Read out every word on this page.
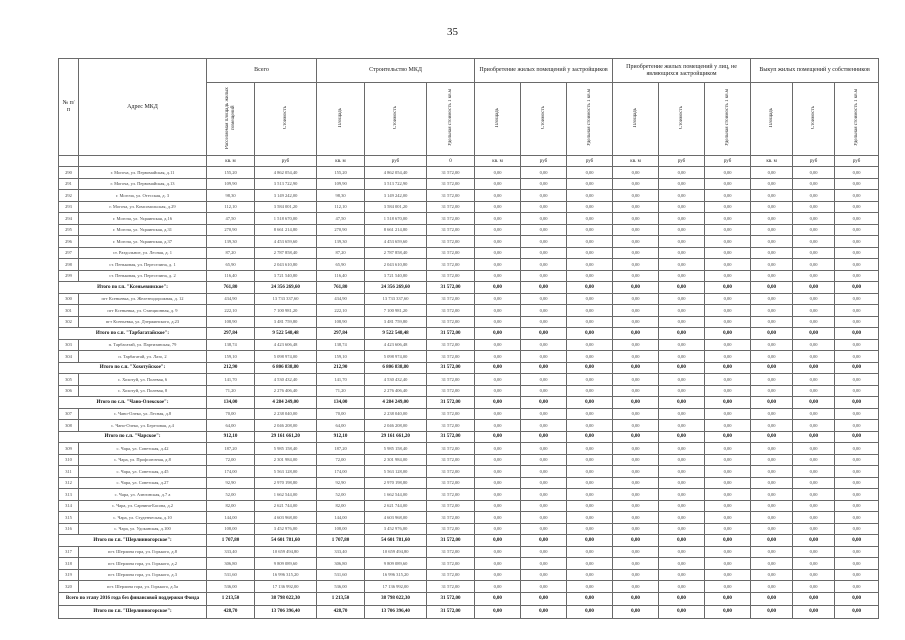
35
№ п/п	Адрес МКД	Всего		Строительство МКД			Приобретение жилых помещений у застройщиков			Приобретение жилых помещений у лиц, не являющихся застройщиком			Выкуп жилых помещений у собственников		
		Расселяемая площадь жилых помещений	Стоимость	Площадь	Стоимость	Удельная стоимость 1 кв.м	Площадь	Стоимость	Удельная стоимость 1 кв.м	Площадь	Стоимость	Удельная стоимость 1 кв.м	Площадь	Стоимость	Удельная стоимость 1 кв.м
		кв. м	руб	кв. м	руб	0	кв. м	руб	руб	кв. м	руб	руб	кв. м	руб	руб
290	г. Могоча, ул. Первомайская, д.11	155,20	4 862 054,40	155,20	4 862 054,40	31 572,00	0,00	0,00	0,00	0,00	0,00	0,00	0,00	0,00	0,00
291	г. Могоча, ул. Первомайская, д.13	109,90	3 513 722,90	109,90	3 513 722,90	31 572,00	0,00	0,00	0,00	0,00	0,00	0,00	0,00	0,00	0,00
292	г. Могоча, ул. Отесская, д. 3	98,30	3 149 242,00	98,30	3 149 242,00	31 572,00	0,00	0,00	0,00	0,00	0,00	0,00	0,00	0,00	0,00
293	г. Могоча, ул. Комсомольская, д.29	112,10	3 584 001,20	112,10	3 584 001,20	31 572,00	0,00	0,00	0,00	0,00	0,00	0,00	0,00	0,00	0,00
294	г. Могоча, ул. Украинская, д.16	47,50	1 518 670,00	47,50	1 518 670,00	31 572,00	0,00	0,00	0,00	0,00	0,00	0,00	0,00	0,00	0,00
295	г. Могоча, ул. Украинская, д.31	270,90	8 661 214,80	270,90	8 661 214,80	31 572,00	0,00	0,00	0,00	0,00	0,00	0,00	0,00	0,00	0,00
296	г. Могоча, ул. Украинская, д.37	139,30	4 453 659,60	139,30	4 453 659,60	31 572,00	0,00	0,00	0,00	0,00	0,00	0,00	0,00	0,00	0,00
297	ст. Раздольное, ул. Лесная, д. 1	87,20	2 787 858,40	87,20	2 787 858,40	31 572,00	0,00	0,00	0,00	0,00	0,00	0,00	0,00	0,00	0,00
298	ст. Пеньковая, ул. Переселина, д. 1	65,90	2 043 610,80	65,90	2 043 610,80	31 572,00	0,00	0,00	0,00	0,00	0,00	0,00	0,00	0,00	0,00
299	ст. Пеньковая, ул. Переселина, д. 2	116,40	3 721 540,80	116,40	3 721 540,80	31 572,00	0,00	0,00	0,00	0,00	0,00	0,00	0,00	0,00	0,00
Итого по г.п. "Ксеньевинское":		761,80	24 356 269,60	761,80	24 356 269,60	31 572,00	0,00	0,00	0,00	0,00	0,00	0,00	0,00	0,00	0,00
300	пгт Ксеньевка, ул. Железнодорожная, д. 12	434,90	13 733 337,60	434,90	13 733 337,60	31 572,00	0,00	0,00	0,00	0,00	0,00	0,00	0,00	0,00	0,00
301	пгт Ксеньевка, ул. Станционная, д. 9	222,10	7 100 981,20	222,10	7 100 981,20	31 572,00	0,00	0,00	0,00	0,00	0,00	0,00	0,00	0,00	0,00
302	пгт Ксеньевка, ул. Дзержинского, д.23	108,90	3 481 759,80	108,90	3 481 759,80	31 572,00	0,00	0,00	0,00	0,00	0,00	0,00	0,00	0,00	0,00
Итого по с.п. "Тарбагатайское":		297,84	9 522 548,48	297,84	9 522 548,48	31 572,00	0,00	0,00	0,00	0,00	0,00	0,00	0,00	0,00	0,00
303	п. Тарбагатай, ул. Партизанская, 79	138,74	4 423 606,48	138,74	4 423 606,48	31 572,00	0,00	0,00	0,00	0,00	0,00	0,00	0,00	0,00	0,00
304	п. Тарбагатай, ул. Лазо, 2	159,10	5 098 974,00	159,10	5 098 974,00	31 572,00	0,00	0,00	0,00	0,00	0,00	0,00	0,00	0,00	0,00
Итого по с.п. "Хохотуйское":		212,90	6 806 838,80	212,90	6 806 838,80	31 572,00	0,00	0,00	0,00	0,00	0,00	0,00	0,00	0,00	0,00
305	с. Хохотуй, ул. Полевая, 6	141,70	4 530 432,40	141,70	4 530 432,40	31 572,00	0,00	0,00	0,00	0,00	0,00	0,00	0,00	0,00	0,00
306	с. Хохотуй, ул. Полевая, 8	71,20	2 276 406,40	71,20	2 276 406,40	31 572,00	0,00	0,00	0,00	0,00	0,00	0,00	0,00	0,00	0,00
Итого по с.п. "Чано-Олекское":		134,00	4 284 249,00	134,00	4 284 249,00	31 572,00	0,00	0,00	0,00	0,00	0,00	0,00	0,00	0,00	0,00
307	с. Чано-Олеко, ул. Лесная, д.8	70,00	2 238 040,00	70,00	2 238 040,00	31 572,00	0,00	0,00	0,00	0,00	0,00	0,00	0,00	0,00	0,00
308	с. Чано-Олеко, ул. Березовая, д.4	64,00	2 046 208,00	64,00	2 046 208,00	31 572,00	0,00	0,00	0,00	0,00	0,00	0,00	0,00	0,00	0,00
Итого по с.п. "Чарское":		912,10	29 161 661,20	912,10	29 161 661,20	31 572,00	0,00	0,00	0,00	0,00	0,00	0,00	0,00	0,00	0,00
309	с. Чара, ул. Советская, д.42	187,20	5 985 158,40	187,20	5 985 158,40	31 572,00	0,00	0,00	0,00	0,00	0,00	0,00	0,00	0,00	0,00
310	с. Чара, ул. Профсоюзная, д.8	72,00	2 301 984,00	72,00	2 301 984,00	31 572,00	0,00	0,00	0,00	0,00	0,00	0,00	0,00	0,00	0,00
311	с. Чара, ул. Советская, д.45	174,00	5 563 128,00	174,00	5 563 128,00	31 572,00	0,00	0,00	0,00	0,00	0,00	0,00	0,00	0,00	0,00
312	с. Чара, ул. Советская, д.27	92,90	2 970 198,80	92,90	2 970 198,80	31 572,00	0,00	0,00	0,00	0,00	0,00	0,00	0,00	0,00	0,00
313	с. Чара, ул. Аэнгинская, д.7 а	52,00	1 662 544,00	52,00	1 662 544,00	31 572,00	0,00	0,00	0,00	0,00	0,00	0,00	0,00	0,00	0,00
314	с. Чара, ул. Сарнина-Басова, д.2	82,00	2 621 744,00	82,00	2 621 744,00	31 572,00	0,00	0,00	0,00	0,00	0,00	0,00	0,00	0,00	0,00
315	с. Чара, ул. Студенческая, д.10	144,00	4 603 968,00	144,00	4 603 968,00	31 572,00	0,00	0,00	0,00	0,00	0,00	0,00	0,00	0,00	0,00
316	с. Чара, ул. Удоканская, д.100	108,00	3 452 976,00	108,00	3 452 976,00	31 572,00	0,00	0,00	0,00	0,00	0,00	0,00	0,00	0,00	0,00
Итого по г.п. "Шерлинногорское":		1 707,80	54 601 781,60	1 707,80	54 601 781,60	31 572,00	0,00	0,00	0,00	0,00	0,00	0,00	0,00	0,00	0,00
317	пгт. Шерлина гора, ул. Горького, д.8	333,40	10 659 494,80	333,40	10 659 494,80	31 572,00	0,00	0,00	0,00	0,00	0,00	0,00	0,00	0,00	0,00
318	пгт. Шерлина гора, ул. Горького, д.2	306,80	9 809 089,60	306,80	9 809 089,60	31 572,00	0,00	0,00	0,00	0,00	0,00	0,00	0,00	0,00	0,00
319	пгт. Шерлина гора, ул. Горького, д.3	531,60	16 996 315,20	531,60	16 996 315,20	31 572,00	0,00	0,00	0,00	0,00	0,00	0,00	0,00	0,00	0,00
320	пгт. Шерлина гора, ул. Горького, д.5а	536,00	17 136 992,00	536,00	17 136 992,00	31 572,00	0,00	0,00	0,00	0,00	0,00	0,00	0,00	0,00	0,00
Всего по этапу 2016 года без финансовой поддержки Фонда		1 213,50	38 798 022,30	1 213,50	38 798 022,30	31 572,00	0,00	0,00	0,00	0,00	0,00	0,00	0,00	0,00	0,00
Итого по г.п. "Шерлинногорское":		428,70	13 706 396,40	428,70	13 706 396,40	31 572,00	0,00	0,00	0,00	0,00	0,00	0,00	0,00	0,00	0,00
